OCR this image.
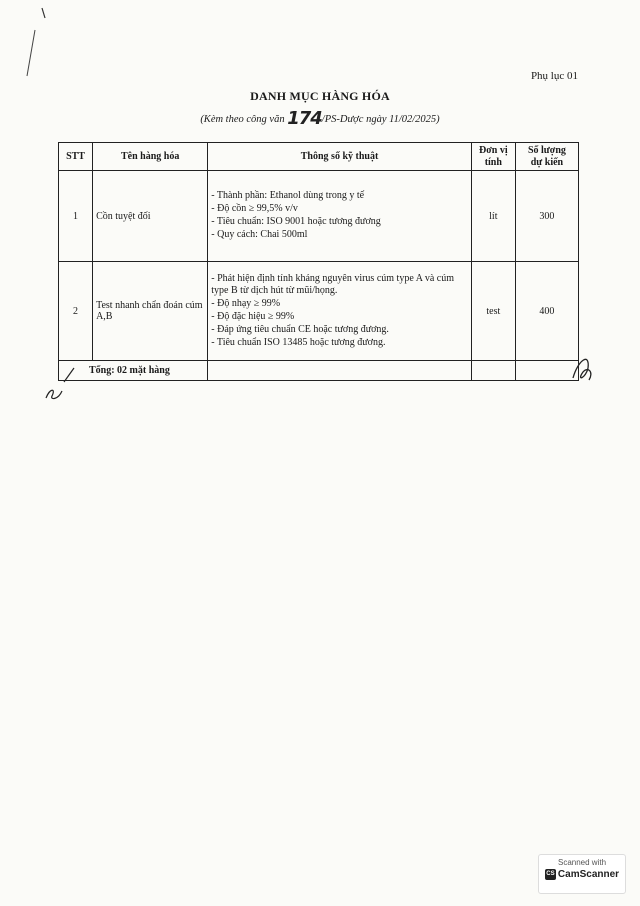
Phụ lục 01
DANH MỤC HÀNG HÓA
(Kèm theo công văn 174/PS-Dược ngày 11/02/2025)
STT	Tên hàng hóa	Thông số kỹ thuật	Đơn vị
tính	Số lượng
dự kiến
1	Cồn tuyệt đối	- Thành phần: Ethanol dùng trong y tế
- Độ cồn ≥ 99,5% v/v
- Tiêu chuẩn: ISO 9001 hoặc tương đương
- Quy cách: Chai 500ml	lít	300
2	Test nhanh chẩn đoán cúm A,B	- Phát hiện định tính kháng nguyên virus cúm type A và cúm type B từ dịch hút từ mũi/họng.
- Độ nhạy ≥ 99%
- Độ đặc hiệu ≥ 99%
- Đáp ứng tiêu chuẩn CE hoặc tương đương.
- Tiêu chuẩn ISO 13485 hoặc tương đương.	test	400
Tổng: 02 mặt hàng				
Scanned with
CS CamScanner
